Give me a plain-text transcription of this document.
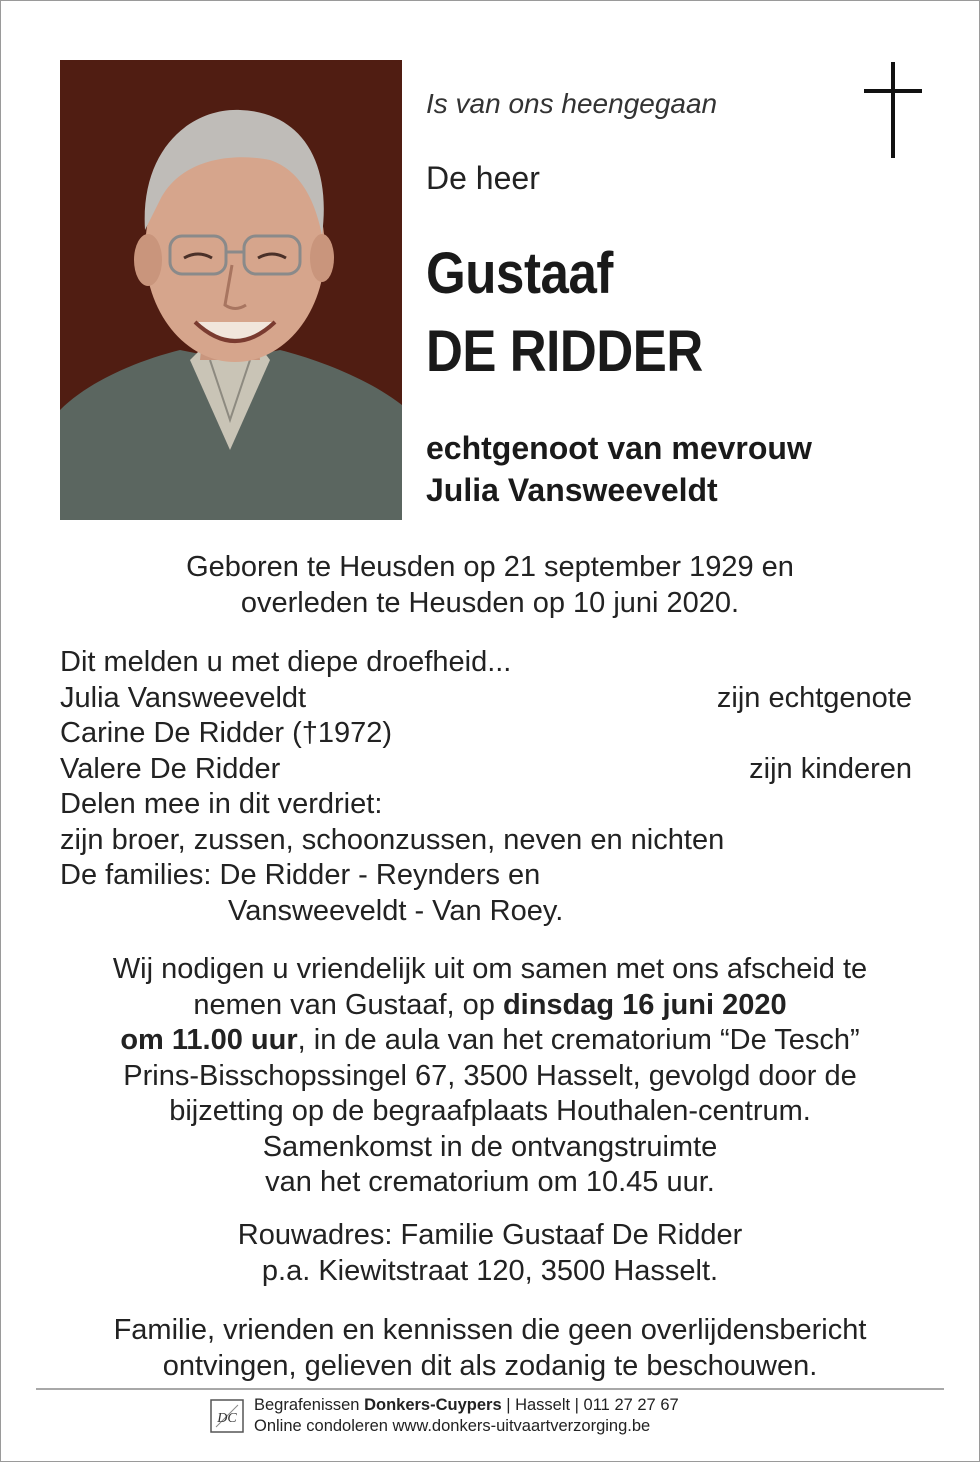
Is van ons heengegaan
De heer
Gustaaf
DE RIDDER
echtgenoot van mevrouw
Julia Vansweeveldt
Geboren te Heusden op 21 september 1929 en
overleden te Heusden op 10 juni 2020.
Dit melden u met diepe droefheid...
Julia Vansweeveldt	zijn echtgenote
Carine De Ridder (†1972)
Valere De Ridder	zijn kinderen
Delen mee in dit verdriet:
zijn broer, zussen, schoonzussen, neven en nichten
De families: De Ridder - Reynders en
Vansweeveldt - Van Roey.
Wij nodigen u vriendelijk uit om samen met ons afscheid te
nemen van Gustaaf, op dinsdag 16 juni 2020
om 11.00 uur, in de aula van het crematorium “De Tesch”
Prins-Bisschopssingel 67, 3500 Hasselt, gevolgd door de
bijzetting op de begraafplaats Houthalen-centrum.
Samenkomst in de ontvangstruimte
van het crematorium om 10.45 uur.
Rouwadres: Familie Gustaaf De Ridder
p.a. Kiewitstraat 120, 3500 Hasselt.
Familie, vrienden en kennissen die geen overlijdensbericht
ontvingen, gelieven dit als zodanig te beschouwen.
DC
Begrafenissen Donkers-Cuypers | Hasselt | 011 27 27 67
Online condoleren www.donkers-uitvaartverzorging.be
